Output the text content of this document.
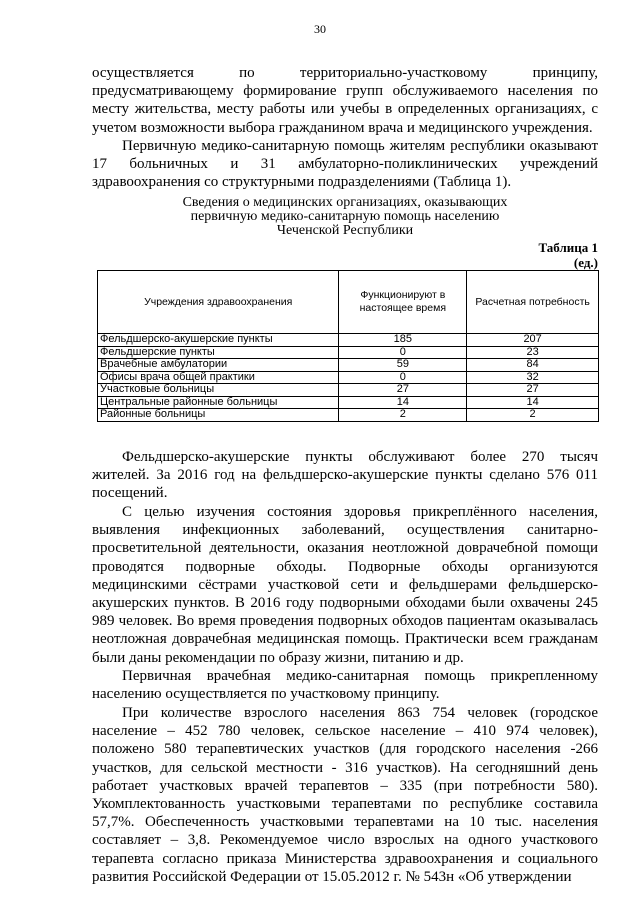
30

осуществляется по территориально-участковому принципу, предусматривающему формирование групп обслуживаемого населения по месту жительства, месту работы или учебы в определенных организациях, с учетом возможности выбора гражданином врача и медицинского учреждения.

Первичную медико-санитарную помощь жителям республики оказывают 17 больничных и 31 амбулаторно-поликлинических учреждений здравоохранения со структурными подразделениями (Таблица 1).

Сведения о медицинских организациях, оказывающих
первичную медико-санитарную помощь населению
Чеченской Республики
Таблица 1
(ед.)
Учреждения здравоохранения	Функционируют в настоящее время	Расчетная потребность
Фельдшерско-акушерские пункты	185	207
Фельдшерские пункты	0	23
Врачебные амбулатории	59	84
Офисы врача общей практики	0	32
Участковые больницы	27	27
Центральные районные больницы	14	14
Районные больницы	2	2

Фельдшерско-акушерские пункты обслуживают более 270 тысяч жителей. За 2016 год на фельдшерско-акушерские пункты сделано 576 011 посещений.

С целью изучения состояния здоровья прикреплённого населения, выявления инфекционных заболеваний, осуществления санитарно-просветительной деятельности, оказания неотложной доврачебной помощи проводятся подворные обходы. Подворные обходы организуются медицинскими сёстрами участковой сети и фельдшерами фельдшерско-акушерских пунктов. В 2016 году подворными обходами были охвачены 245 989 человек. Во время проведения подворных обходов пациентам оказывалась неотложная доврачебная медицинская помощь. Практически всем гражданам были даны рекомендации по образу жизни, питанию и др.

Первичная врачебная медико-санитарная помощь прикрепленному населению осуществляется по участковому принципу.

При количестве взрослого населения 863 754 человек (городское население – 452 780 человек, сельское население – 410 974 человек), положено 580 терапевтических участков (для городского населения -266 участков, для сельской местности - 316 участков). На сегодняшний день работает участковых врачей терапевтов – 335 (при потребности 580). Укомплектованность участковыми терапевтами по республике составила 57,7%. Обеспеченность участковыми терапевтами на 10 тыс. населения составляет – 3,8. Рекомендуемое число взрослых на одного участкового терапевта согласно приказа Министерства здравоохранения и социального развития Российской Федерации от 15.05.2012 г. № 543н «Об утверждении
